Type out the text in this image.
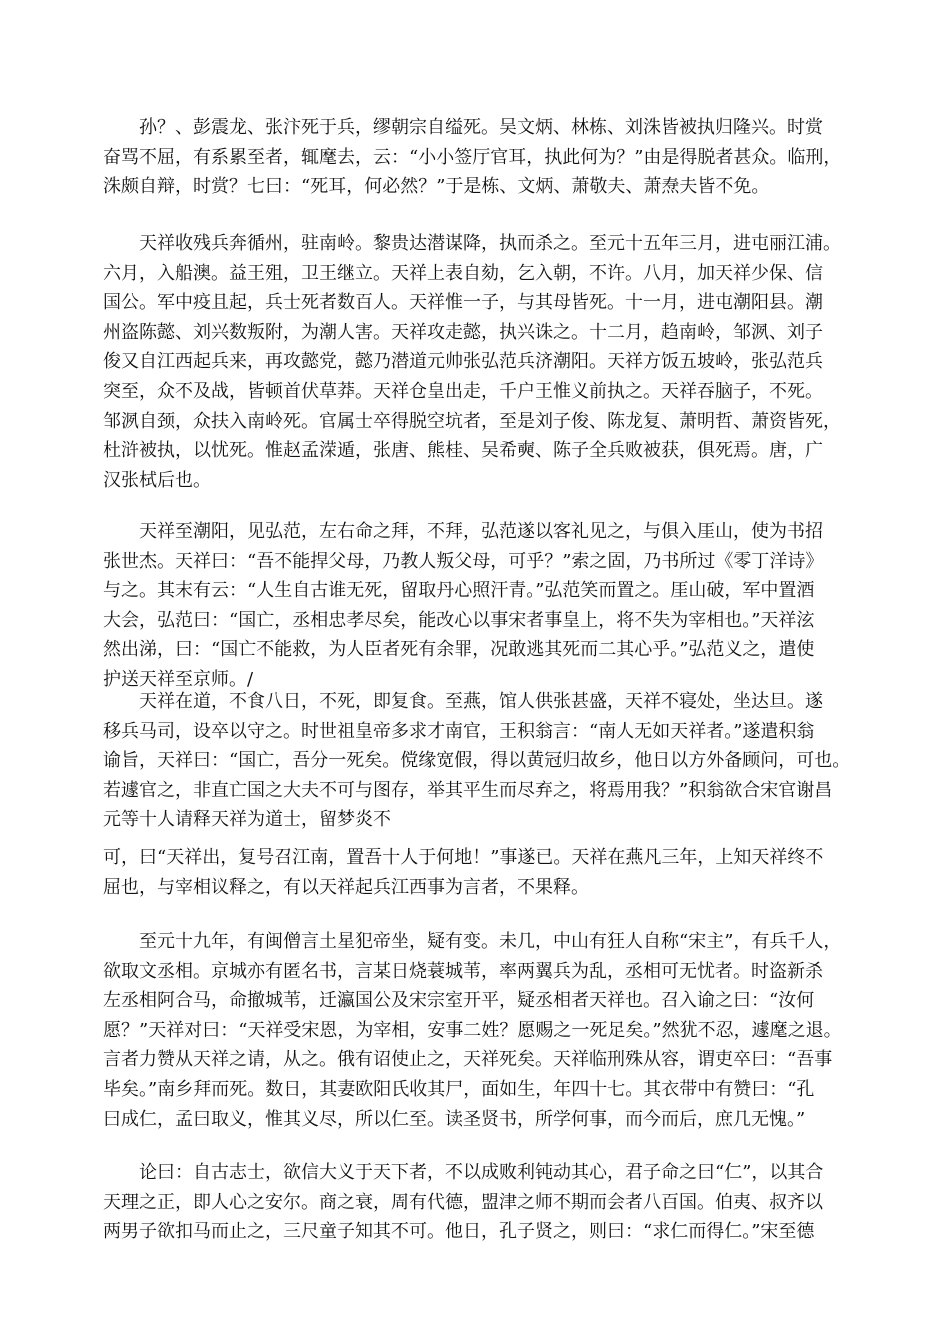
　　孙？、彭震龙、张汴死于兵，缪朝宗自缢死。吴文炳、林栋、刘洙皆被执归隆兴。时赏
奋骂不屈，有系累至者，辄麾去，云：“小小签厅官耳，执此何为？”由是得脱者甚众。临刑，
洙颇自辩，时赏？七曰：“死耳，何必然？”于是栋、文炳、萧敬夫、萧焘夫皆不免。
　　天祥收残兵奔循州，驻南岭。黎贵达潜谋降，执而杀之。至元十五年三月，进屯丽江浦。
六月，入船澳。益王殂，卫王继立。天祥上表自劾，乞入朝，不许。八月，加天祥少保、信
国公。军中疫且起，兵士死者数百人。天祥惟一子，与其母皆死。十一月，进屯潮阳县。潮
州盗陈懿、刘兴数叛附，为潮人害。天祥攻走懿，执兴诛之。十二月，趋南岭，邹洬、刘子
俊又自江西起兵来，再攻懿党，懿乃潜道元帅张弘范兵济潮阳。天祥方饭五坡岭，张弘范兵
突至，众不及战，皆顿首伏草莽。天祥仓皇出走，千户王惟义前执之。天祥吞脑子，不死。
邹洬自颈，众扶入南岭死。官属士卒得脱空坑者，至是刘子俊、陈龙复、萧明哲、萧资皆死，
杜浒被执，以忧死。惟赵孟溁遁，张唐、熊桂、吴希奭、陈子全兵败被获，俱死焉。唐，广
汉张栻后也。
　　天祥至潮阳，见弘范，左右命之拜，不拜，弘范遂以客礼见之，与俱入厓山，使为书招
张世杰。天祥曰：“吾不能捍父母，乃教人叛父母，可乎？”索之固，乃书所过《零丁洋诗》
与之。其末有云：“人生自古谁无死，留取丹心照汗青。”弘范笑而置之。厓山破，军中置酒
大会，弘范曰：“国亡，丞相忠孝尽矣，能改心以事宋者事皇上，将不失为宰相也。”天祥泫
然出涕，曰：“国亡不能救，为人臣者死有余罪，况敢逃其死而二其心乎。”弘范义之，遣使
护送天祥至京师。/
　　天祥在道，不食八日，不死，即复食。至燕，馆人供张甚盛，天祥不寝处，坐达旦。遂
移兵马司，设卒以守之。时世祖皇帝多求才南官，王积翁言：“南人无如天祥者。”遂遣积翁
谕旨，天祥曰：“国亡，吾分一死矣。傥缘宽假，得以黄冠归故乡，他日以方外备顾问，可也。
若遽官之，非直亡国之大夫不可与图存，举其平生而尽弃之，将焉用我？”积翁欲合宋官谢昌
元等十人请释天祥为道士，留梦炎不
可，曰“天祥出，复号召江南，置吾十人于何地！”事遂已。天祥在燕凡三年，上知天祥终不
屈也，与宰相议释之，有以天祥起兵江西事为言者，不果释。
　　至元十九年，有闽僧言土星犯帝坐，疑有变。未几，中山有狂人自称“宋主”，有兵千人，
欲取文丞相。京城亦有匿名书，言某日烧蓑城苇，率两翼兵为乱，丞相可无忧者。时盗新杀
左丞相阿合马，命撤城苇，迁瀛国公及宋宗室开平，疑丞相者天祥也。召入谕之曰：“汝何
愿？”天祥对曰：“天祥受宋恩，为宰相，安事二姓？愿赐之一死足矣。”然犹不忍，遽麾之退。
言者力赞从天祥之请，从之。俄有诏使止之，天祥死矣。天祥临刑殊从容，谓吏卒曰：“吾事
毕矣。”南乡拜而死。数日，其妻欧阳氏收其尸，面如生，年四十七。其衣带中有赞曰：“孔
曰成仁，孟曰取义，惟其义尽，所以仁至。读圣贤书，所学何事，而今而后，庶几无愧。”
　　论曰：自古志士，欲信大义于天下者，不以成败利钝动其心，君子命之曰“仁”，以其合
天理之正，即人心之安尔。商之衰，周有代德，盟津之师不期而会者八百国。伯夷、叔齐以
两男子欲扣马而止之，三尺童子知其不可。他日，孔子贤之，则曰：“求仁而得仁。”宋至德
